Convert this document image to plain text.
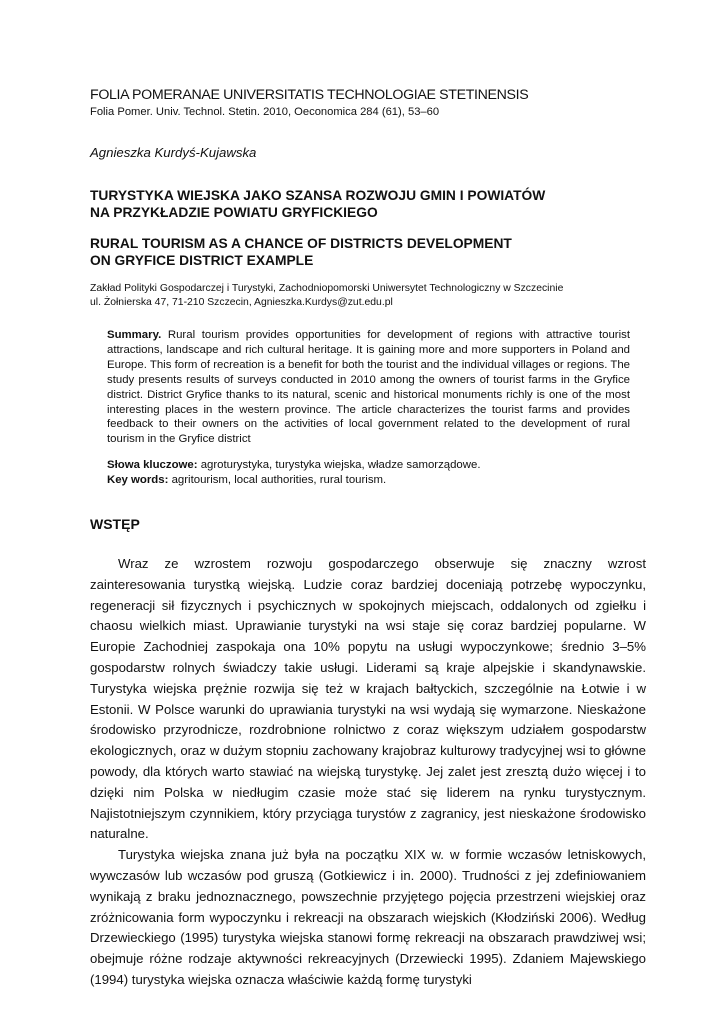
FOLIA POMERANAE UNIVERSITATIS TECHNOLOGIAE STETINENSIS

Folia Pomer. Univ. Technol. Stetin. 2010, Oeconomica 284 (61), 53–60

Agnieszka Kurdyś-Kujawska

TURYSTYKA WIEJSKA JAKO SZANSA ROZWOJU GMIN I POWIATÓW
NA PRZYKŁADZIE POWIATU GRYFICKIEGO
RURAL TOURISM AS A CHANCE OF DISTRICTS DEVELOPMENT
ON GRYFICE DISTRICT EXAMPLE
Zakład Polityki Gospodarczej i Turystyki, Zachodniopomorski Uniwersytet Technologiczny w Szczecinie
ul. Żołnierska 47, 71-210 Szczecin, Agnieszka.Kurdys@zut.edu.pl
Summary. Rural tourism provides opportunities for development of regions with attractive tourist attractions, landscape and rich cultural heritage. It is gaining more and more supporters in Poland and Europe. This form of recreation is a benefit for both the tourist and the individual villages or regions. The study presents results of surveys conducted in 2010 among the owners of tourist farms in the Gryfice district. District Gryfice thanks to its natural, scenic and historical monuments richly is one of the most interesting places in the western province. The article characterizes the tourist farms and provides feedback to their owners on the activities of local government related to the development of rural tourism in the Gryfice district
Słowa kluczowe: agroturystyka, turystyka wiejska, władze samorządowe.
Key words: agritourism, local authorities, rural tourism.
WSTĘP

Wraz ze wzrostem rozwoju gospodarczego obserwuje się znaczny wzrost zainteresowania turystką wiejską. Ludzie coraz bardziej doceniają potrzebę wypoczynku, regeneracji sił fizycznych i psychicznych w spokojnych miejscach, oddalonych od zgiełku i chaosu wielkich miast. Uprawianie turystyki na wsi staje się coraz bardziej popularne. W Europie Zachodniej zaspokaja ona 10% popytu na usługi wypoczynkowe; średnio 3–5% gospodarstw rolnych świadczy takie usługi. Liderami są kraje alpejskie i skandynawskie. Turystyka wiejska prężnie rozwija się też w krajach bałtyckich, szczególnie na Łotwie i w Estonii. W Polsce warunki do uprawiania turystyki na wsi wydają się wymarzone. Nieskażone środowisko przyrodnicze, rozdrobnione rolnictwo z coraz większym udziałem gospodarstw ekologicznych, oraz w dużym stopniu zachowany krajobraz kulturowy tradycyjnej wsi to główne powody, dla których warto stawiać na wiejską turystykę. Jej zalet jest zresztą dużo więcej i to dzięki nim Polska w niedługim czasie może stać się liderem na rynku turystycznym. Najistotniejszym czynnikiem, który przyciąga turystów z zagranicy, jest nieskażone środowisko naturalne.

Turystyka wiejska znana już była na początku XIX w. w formie wczasów letniskowych, wywczasów lub wczasów pod gruszą (Gotkiewicz i in. 2000). Trudności z jej zdefiniowaniem wynikają z braku jednoznacznego, powszechnie przyjętego pojęcia przestrzeni wiejskiej oraz zróżnicowania form wypoczynku i rekreacji na obszarach wiejskich (Kłodziński 2006). Według Drzewieckiego (1995) turystyka wiejska stanowi formę rekreacji na obszarach prawdziwej wsi; obejmuje różne rodzaje aktywności rekreacyjnych (Drzewiecki 1995). Zdaniem Majewskiego (1994) turystyka wiejska oznacza właściwie każdą formę turystyki
